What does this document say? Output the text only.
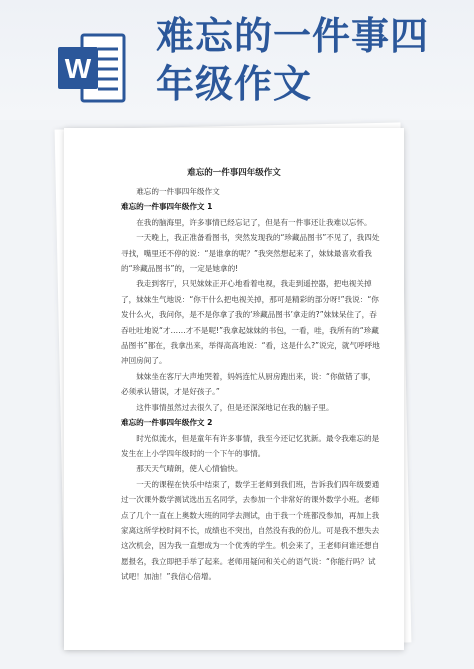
W
难忘的一件事四年级作文
难忘的一件事四年级作文

难忘的一件事四年级作文

难忘的一件事四年级作文 1

在我的脑海里，许多事情已经忘记了，但是有一件事还让我难以忘怀。

一天晚上，我正准备看图书，突然发现我的“珍藏品图书”不见了，我四处寻找，嘴里还不停的说：“是谁拿的呢？”我突然想起来了，妹妹最喜欢看我的“珍藏品图书”的，一定是她拿的!

我走到客厅，只见妹妹正开心地看着电视，我走到遥控器，把电视关掉了，妹妹生气地说：“你干什么把电视关掉，那可是精彩的部分呀!”我说：“你发什么火，我问你，是不是你拿了我的‘珍藏品图书’拿走的?”妹妹呆住了，吞吞吐吐地说“才……才不是呢!”我拿起妹妹的书包，一看，哇，我所有的“珍藏品图书”都在，我拿出来，举得高高地说：“看，这是什么?”说完，就气呼呼地冲回房间了。

妹妹坐在客厅大声地哭着，妈妈连忙从厨房跑出来，说：“你做错了事，必须承认错误，才是好孩子。”

这件事情虽然过去很久了，但是还深深地记在我的脑子里。

难忘的一件事四年级作文 2

时光似流水，但是童年有许多事情，我至今还记忆犹新。最令我难忘的是发生在上小学四年级时的一个下午的事情。

那天天气晴朗，使人心情愉快。

一天的课程在快乐中结束了，数学王老师到我们班，告诉我们四年级要通过一次课外数学测试选出五名同学，去参加一个非常好的课外数学小班。老师点了几个一直在上奥数大班的同学去测试，由于我一个班都没参加，再加上我家离这所学校时间不长，成绩也不突出，自然没有我的份儿。可是我不想失去这次机会，因为我一直想成为一个优秀的学生。机会来了，王老师问谁还想自愿报名，我立即把手举了起来。老师用疑问和关心的语气说：“你能行吗？试试吧！加油！”我信心倍增。
